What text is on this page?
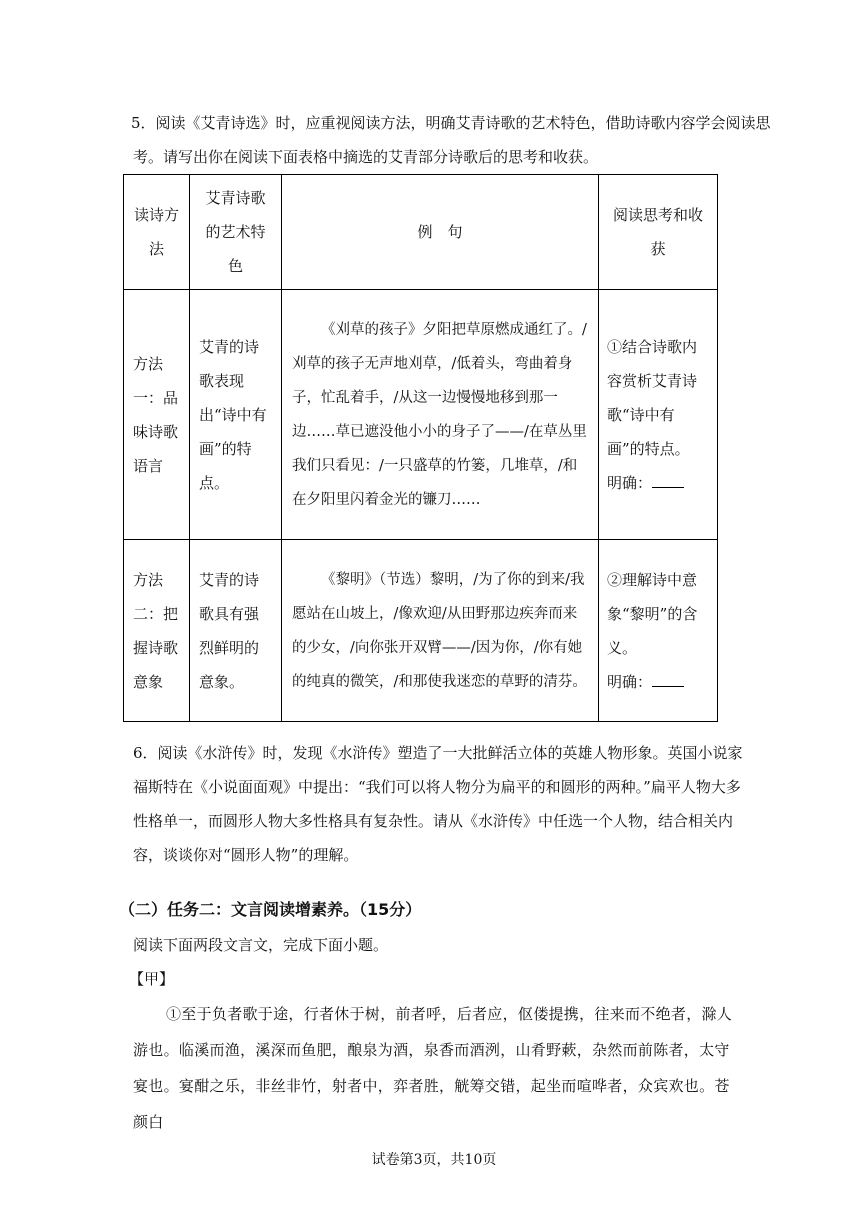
5．阅读《艾青诗选》时，应重视阅读方法，明确艾青诗歌的艺术特色，借助诗歌内容学会阅读思考。请写出你在阅读下面表格中摘选的艾青部分诗歌后的思考和收获。
读诗方法	艾青诗歌的艺术特色	例　句	阅读思考和收获

方法一：品味诗歌语言	艾青的诗歌表现出“诗中有画”的特点。	《刈草的孩子》夕阳把草原燃成通红了。/刈草的孩子无声地刈草，/低着头，弯曲着身子，忙乱着手，/从这一边慢慢地移到那一边……草已遮没他小小的身子了——/在草丛里我们只看见：/一只盛草的竹篓，几堆草，/和在夕阳里闪着金光的镰刀……	①结合诗歌内容赏析艾青诗歌“诗中有画”的特点。
明确：

方法二：把握诗歌意象	艾青的诗歌具有强烈鲜明的意象。	《黎明》（节选）黎明，/为了你的到来/我愿站在山坡上，/像欢迎/从田野那边疾奔而来的少女，/向你张开双臂——/因为你，/你有她的纯真的微笑，/和那使我迷恋的草野的清芬。	②理解诗中意象“黎明”的含义。
明确：
6．阅读《水浒传》时，发现《水浒传》塑造了一大批鲜活立体的英雄人物形象。英国小说家福斯特在《小说面面观》中提出：“我们可以将人物分为扁平的和圆形的两种。”扁平人物大多性格单一，而圆形人物大多性格具有复杂性。请从《水浒传》中任选一个人物，结合相关内容，谈谈你对“圆形人物”的理解。
（二）任务二：文言阅读增素养。（15分）
阅读下面两段文言文，完成下面小题。
【甲】
①至于负者歌于途，行者休于树，前者呼，后者应，伛偻提携，往来而不绝者，滁人游也。临溪而渔，溪深而鱼肥，酿泉为酒，泉香而酒洌，山肴野蔌，杂然而前陈者，太守宴也。宴酣之乐，非丝非竹，射者中，弈者胜，觥筹交错，起坐而喧哗者，众宾欢也。苍颜白
试卷第3页，共10页
